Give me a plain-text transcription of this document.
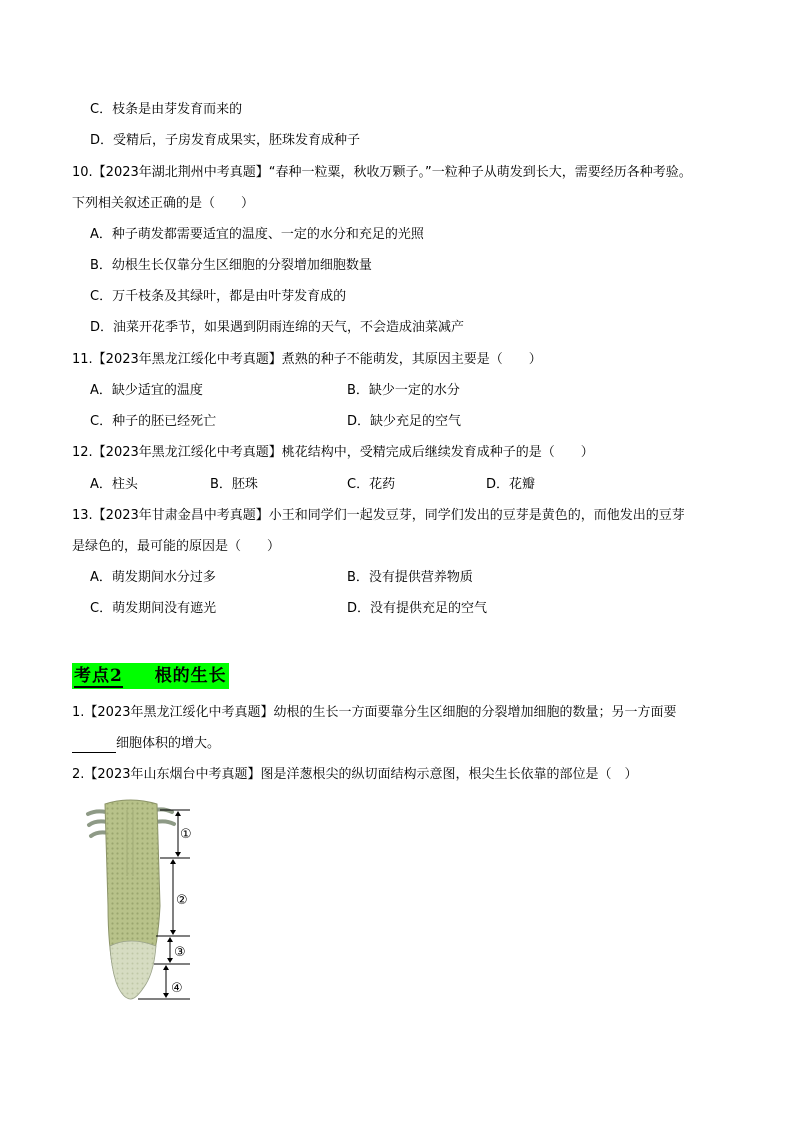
C．枝条是由芽发育而来的
D．受精后，子房发育成果实，胚珠发育成种子
10.【2023年湖北荆州中考真题】“春种一粒粟，秋收万颗子。”一粒种子从萌发到长大，需要经历各种考验。
下列相关叙述正确的是（　　）
A．种子萌发都需要适宜的温度、一定的水分和充足的光照
B．幼根生长仅靠分生区细胞的分裂增加细胞数量
C．万千枝条及其绿叶，都是由叶芽发育成的
D．油菜开花季节，如果遇到阴雨连绵的天气，不会造成油菜减产
11.【2023年黑龙江绥化中考真题】煮熟的种子不能萌发，其原因主要是（　　）
A．缺少适宜的温度	B．缺少一定的水分
C．种子的胚已经死亡	D．缺少充足的空气
12.【2023年黑龙江绥化中考真题】桃花结构中，受精完成后继续发育成种子的是（　　）
A．柱头	B．胚珠	C．花药	D．花瓣
13.【2023年甘肃金昌中考真题】小王和同学们一起发豆芽，同学们发出的豆芽是黄色的，而他发出的豆芽
是绿色的，最可能的原因是（　　）
A．萌发期间水分过多	B．没有提供营养物质
C．萌发期间没有遮光	D．没有提供充足的空气
考点2 根的生长
1.【2023年黑龙江绥化中考真题】幼根的生长一方面要靠分生区细胞的分裂增加细胞的数量；另一方面要
细胞体积的增大。
2.【2023年山东烟台中考真题】图是洋葱根尖的纵切面结构示意图，根尖生长依靠的部位是（　）
①
②
③
④
